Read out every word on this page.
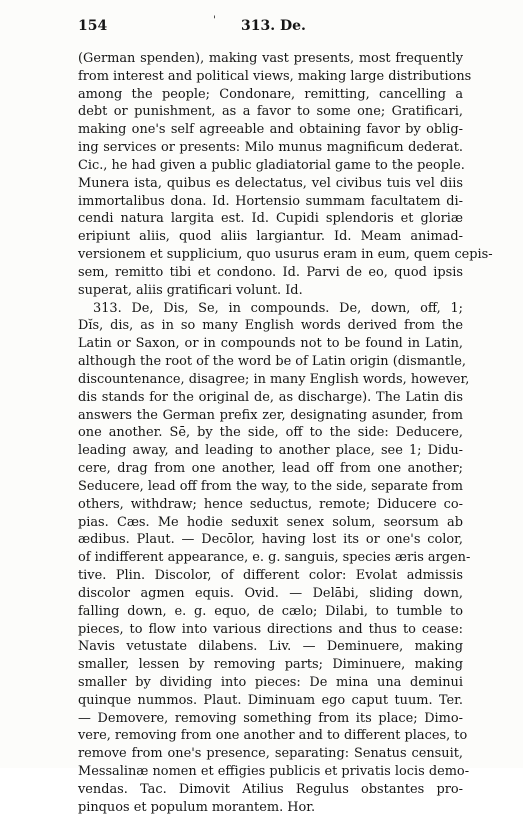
154	' 313. De.
(German spenden), making vast presents, most frequently
from interest and political views, making large distributions
among the people; Condonare, remitting, cancelling a
debt or punishment, as a favor to some one; Gratificari,
making one's self agreeable and obtaining favor by oblig-
ing services or presents: Milo munus magnificum dederat.
Cic., he had given a public gladiatorial game to the people.
Munera ista, quibus es delectatus, vel civibus tuis vel diis
immortalibus dona. Id. Hortensio summam facultatem di-
cendi natura largita est. Id. Cupidi splendoris et gloriæ
eripiunt aliis, quod aliis largiantur. Id. Meam animad-
versionem et supplicium, quo usurus eram in eum, quem cepis-
sem, remitto tibi et condono. Id. Parvi de eo, quod ipsis
superat, aliis gratificari volunt. Id.
313. De, Dis, Se, in compounds. De, down, off, 1;
Dĭs, dis, as in so many English words derived from the
Latin or Saxon, or in compounds not to be found in Latin,
although the root of the word be of Latin origin (dismantle,
discountenance, disagree; in many English words, however,
dis stands for the original de, as discharge). The Latin dis
answers the German prefix zer, designating asunder, from
one another. Sē, by the side, off to the side: Deducere,
leading away, and leading to another place, see 1; Didu-
cere, drag from one another, lead off from one another;
Seducere, lead off from the way, to the side, separate from
others, withdraw; hence seductus, remote; Diducere co-
pias. Cæs. Me hodie seduxit senex solum, seorsum ab
ædibus. Plaut. — Decōlor, having lost its or one's color,
of indifferent appearance, e. g. sanguis, species æris argen-
tive. Plin. Discolor, of different color: Evolat admissis
discolor agmen equis. Ovid. — Delābi, sliding down,
falling down, e. g. equo, de cælo; Dilabi, to tumble to
pieces, to flow into various directions and thus to cease:
Navis vetustate dilabens. Liv. — Deminuere, making
smaller, lessen by removing parts; Diminuere, making
smaller by dividing into pieces: De mina una deminui
quinque nummos. Plaut. Diminuam ego caput tuum. Ter.
— Demovere, removing something from its place; Dimo-
vere, removing from one another and to different places, to
remove from one's presence, separating: Senatus censuit,
Messalinæ nomen et effigies publicis et privatis locis demo-
vendas. Tac. Dimovit Atilius Regulus obstantes pro-
pinquos et populum morantem. Hor.
